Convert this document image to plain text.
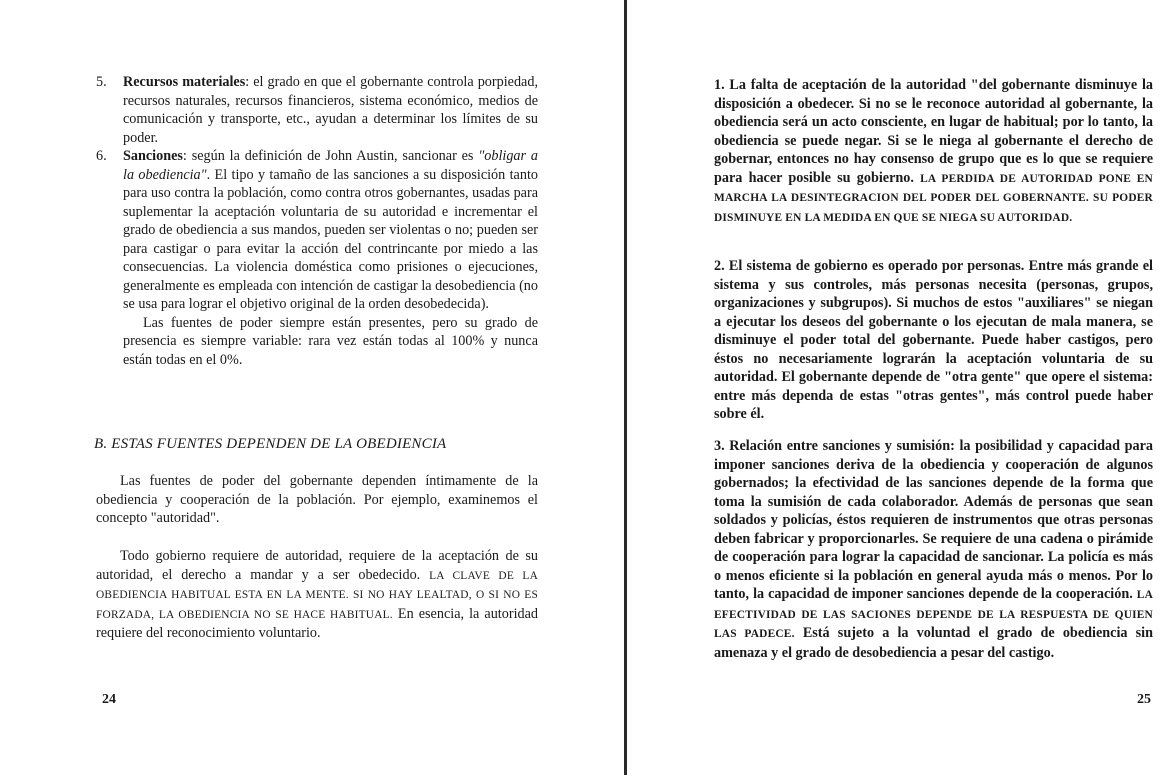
5. Recursos materiales: el grado en que el gobernante controla porpiedad, recursos naturales, recursos financieros, sistema económico, medios de comunicación y transporte, etc., ayudan a determinar los límites de su poder.
6. Sanciones: según la definición de John Austin, sancionar es "obligar a la obediencia". El tipo y tamaño de las sanciones a su disposición tanto para uso contra la población, como contra otros gobernantes, usadas para suplementar la aceptación voluntaria de su autoridad e incrementar el grado de obediencia a sus mandos, pueden ser violentas o no; pueden ser para castigar o para evitar la acción del contrincante por miedo a las consecuencias. La violencia doméstica como prisiones o ejecuciones, generalmente es empleada con intención de castigar la desobediencia (no se usa para lograr el objetivo original de la orden desobedecida).
Las fuentes de poder siempre están presentes, pero su grado de presencia es siempre variable: rara vez están todas al 100% y nunca están todas en el 0%.
B. ESTAS FUENTES DEPENDEN DE LA OBEDIENCIA
Las fuentes de poder del gobernante dependen íntimamente de la obediencia y cooperación de la población. Por ejemplo, examinemos el concepto "autoridad".
Todo gobierno requiere de autoridad, requiere de la aceptación de su autoridad, el derecho a mandar y a ser obedecido. LA CLAVE DE LA OBEDIENCIA HABITUAL ESTA EN LA MENTE. SI NO HAY LEALTAD, O SI NO ES FORZADA, LA OBEDIENCIA NO SE HACE HABITUAL. En esencia, la autoridad requiere del reconocimiento voluntario.
24
1. La falta de aceptación de la autoridad "del gobernante disminuye la disposición a obedecer. Si no se le reconoce autoridad al gobernante, la obediencia será un acto consciente, en lugar de habitual; por lo tanto, la obediencia se puede negar. Si se le niega al gobernante el derecho de gobernar, entonces no hay consenso de grupo que es lo que se requiere para hacer posible su gobierno. LA PERDIDA DE AUTORIDAD PONE EN MARCHA LA DESINTEGRACION DEL PODER DEL GOBERNANTE. SU PODER DISMINUYE EN LA MEDIDA EN QUE SE NIEGA SU AUTORIDAD.
2. El sistema de gobierno es operado por personas. Entre más grande el sistema y sus controles, más personas necesita (personas, grupos, organizaciones y subgrupos). Si muchos de estos "auxiliares" se niegan a ejecutar los deseos del gobernante o los ejecutan de mala manera, se disminuye el poder total del gobernante. Puede haber castigos, pero éstos no necesariamente lograrán la aceptación voluntaria de su autoridad. El gobernante depende de "otra gente" que opere el sistema: entre más dependa de estas "otras gentes", más control puede haber sobre él.
3. Relación entre sanciones y sumisión: la posibilidad y capacidad para imponer sanciones deriva de la obediencia y cooperación de algunos gobernados; la efectividad de las sanciones depende de la forma que toma la sumisión de cada colaborador. Además de personas que sean soldados y policías, éstos requieren de instrumentos que otras personas deben fabricar y proporcionarles. Se requiere de una cadena o pirámide de cooperación para lograr la capacidad de sancionar. La policía es más o menos eficiente si la población en general ayuda más o menos. Por lo tanto, la capacidad de imponer sanciones depende de la cooperación. LA EFECTIVIDAD DE LAS SACIONES DEPENDE DE LA RESPUESTA DE QUIEN LAS PADECE. Está sujeto a la voluntad el grado de obediencia sin amenaza y el grado de desobediencia a pesar del castigo.
25
